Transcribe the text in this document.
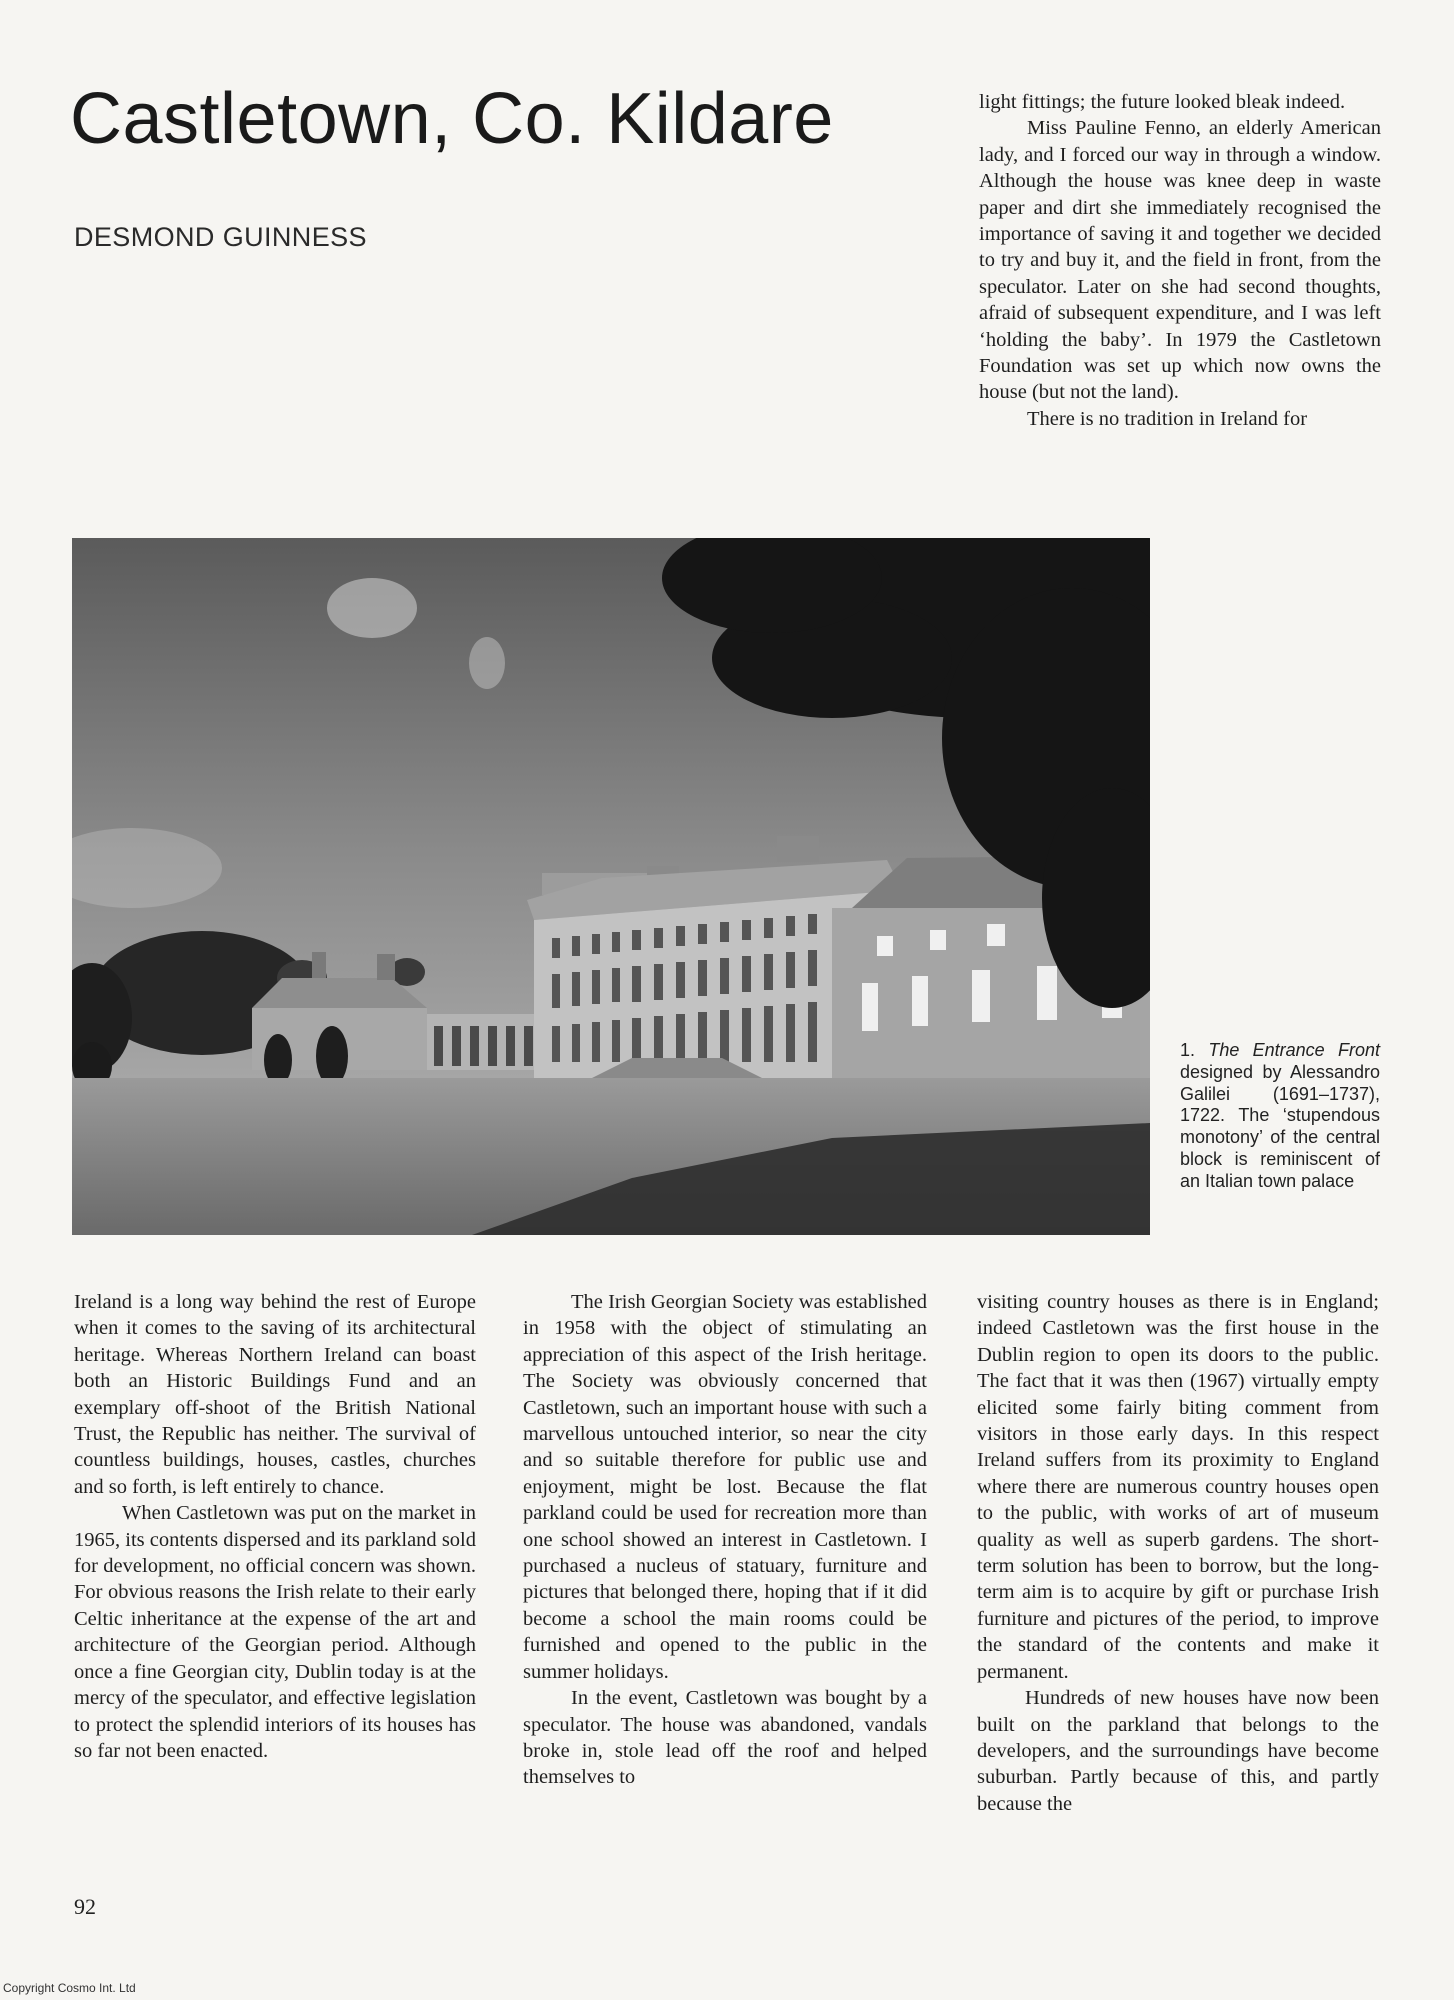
Castletown, Co. Kildare
DESMOND GUINNESS

light fittings; the future looked bleak indeed.

Miss Pauline Fenno, an elderly American lady, and I forced our way in through a window. Although the house was knee deep in waste paper and dirt she immediately recognised the importance of saving it and together we decided to try and buy it, and the field in front, from the speculator. Later on she had second thoughts, afraid of subsequent expenditure, and I was left ‘holding the baby’. In 1979 the Castletown Foundation was set up which now owns the house (but not the land).

There is no tradition in Ireland for

1. The Entrance Front designed by Alessandro Galilei (1691–1737), 1722. The ‘stupendous monotony’ of the central block is reminiscent of an Italian town palace

Ireland is a long way behind the rest of Europe when it comes to the saving of its architectural heritage. Whereas Northern Ireland can boast both an Historic Buildings Fund and an exemplary off-shoot of the British National Trust, the Republic has neither. The survival of countless buildings, houses, castles, churches and so forth, is left entirely to chance.

When Castletown was put on the market in 1965, its contents dispersed and its parkland sold for development, no official concern was shown. For obvious reasons the Irish relate to their early Celtic inheritance at the expense of the art and architecture of the Georgian period. Although once a fine Georgian city, Dublin today is at the mercy of the speculator, and effective legislation to protect the splendid interiors of its houses has so far not been enacted.

The Irish Georgian Society was established in 1958 with the object of stimulating an appreciation of this aspect of the Irish heritage. The Society was obviously concerned that Castletown, such an important house with such a marvellous untouched interior, so near the city and so suitable therefore for public use and enjoyment, might be lost. Because the flat parkland could be used for recreation more than one school showed an interest in Castletown. I purchased a nucleus of statuary, furniture and pictures that belonged there, hoping that if it did become a school the main rooms could be furnished and opened to the public in the summer holidays.

In the event, Castletown was bought by a speculator. The house was abandoned, vandals broke in, stole lead off the roof and helped themselves to

visiting country houses as there is in England; indeed Castletown was the first house in the Dublin region to open its doors to the public. The fact that it was then (1967) virtually empty elicited some fairly biting comment from visitors in those early days. In this respect Ireland suffers from its proximity to England where there are numerous country houses open to the public, with works of art of museum quality as well as superb gardens. The short-term solution has been to borrow, but the long-term aim is to acquire by gift or purchase Irish furniture and pictures of the period, to improve the standard of the contents and make it permanent.

Hundreds of new houses have now been built on the parkland that belongs to the developers, and the surroundings have become suburban. Partly because of this, and partly because the

92
Copyright Cosmo Int. Ltd
